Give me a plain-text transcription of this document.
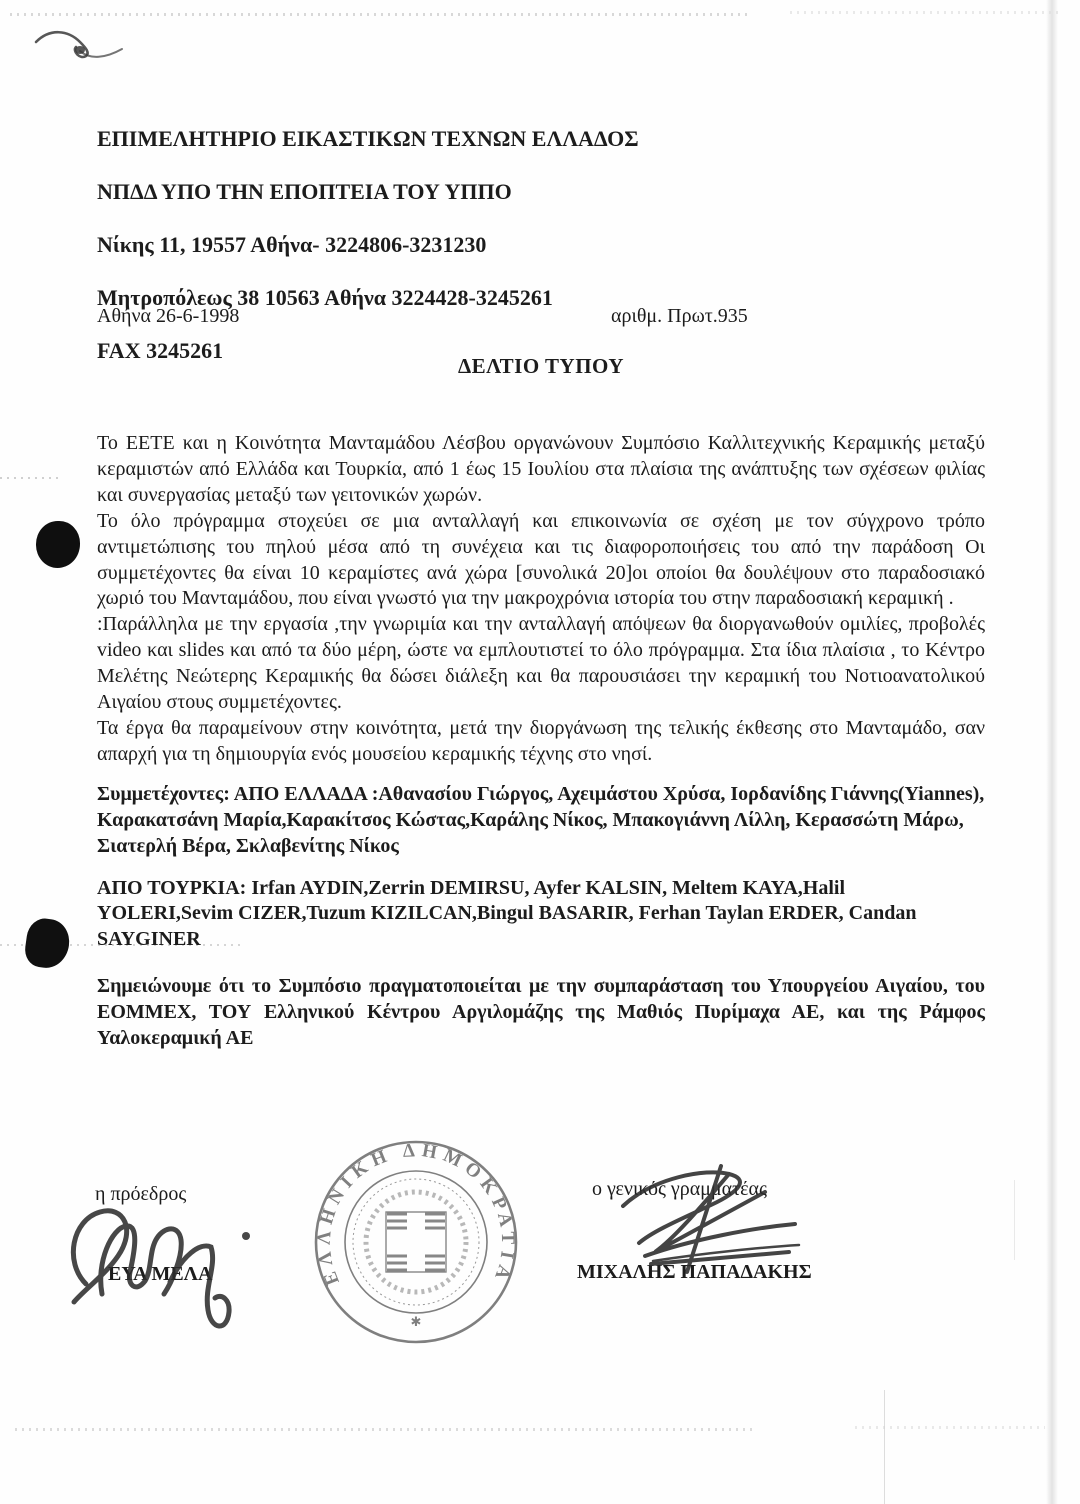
ΕΠΙΜΕΛΗΤΗΡΙΟ ΕΙΚΑΣΤΙΚΩΝ ΤΕΧΝΩΝ ΕΛΛΑΔΟΣ

ΝΠΔΔ ΥΠΟ ΤΗΝ ΕΠΟΠΤΕΙΑ ΤΟΥ ΥΠΠΟ

Νίκης 11, 19557 Αθήνα- 3224806-3231230

Μητροπόλεως 38 10563 Αθήνα 3224428-3245261

FAX 3245261

Αθήνα 26-6-1998	αριθμ. Πρωτ.935
ΔΕΛΤΙΟ ΤΥΠΟΥ

Το ΕΕΤΕ και η Κοινότητα Μανταμάδου Λέσβου οργανώνουν Συμπόσιο Καλλιτεχνικής Κεραμικής μεταξύ κεραμιστών από Ελλάδα και Τουρκία, από 1 έως 15 Ιουλίου στα πλαίσια της ανάπτυξης των σχέσεων φιλίας και συνεργασίας μεταξύ των γειτονικών χωρών.

Το όλο πρόγραμμα στοχεύει σε μια ανταλλαγή και επικοινωνία σε σχέση με τον σύγχρονο τρόπο αντιμετώπισης του πηλού μέσα από τη συνέχεια και τις διαφοροποιήσεις του από την παράδοση Οι συμμετέχοντες θα είναι 10 κεραμίστες ανά χώρα [συνολικά 20]οι οποίοι θα δουλέψουν στο παραδοσιακό χωριό του Μανταμάδου, που είναι γνωστό για την μακροχρόνια ιστορία του στην παραδοσιακή κεραμική .

:Παράλληλα με την εργασία ,την γνωριμία και την ανταλλαγή απόψεων θα διοργανωθούν ομιλίες, προβολές video και slides και από τα δύο μέρη, ώστε να εμπλουτιστεί το όλο πρόγραμμα. Στα ίδια πλαίσια , το Κέντρο Μελέτης Νεώτερης Κεραμικής θα δώσει διάλεξη και θα παρουσιάσει την κεραμική του Νοτιοανατολικού Αιγαίου στους συμμετέχοντες.

Τα έργα θα παραμείνουν στην κοινότητα, μετά την διοργάνωση της τελικής έκθεσης στο Μανταμάδο, σαν απαρχή για τη δημιουργία ενός μουσείου κεραμικής τέχνης στο νησί.

Συμμετέχοντες: ΑΠΟ ΕΛΛΑΔΑ :Αθανασίου Γιώργος, Αχειμάστου Χρύσα, Ιορδανίδης Γιάννης(Yiannes), Καρακατσάνη Μαρία,Καρακίτσος Κώστας,Καράλης Νίκος, Μπακογιάννη Λίλλη, Κερασσώτη Μάρω, Σιατερλή Βέρα, Σκλαβενίτης Νίκος

ΑΠΟ ΤΟΥΡΚΙΑ: Irfan AYDIN,Zerrin DEMIRSU, Ayfer KALSIN, Meltem KAYA,Halil YOLERI,Sevim CIZER,Tuzum KIZILCAN,Bingul BASARIR, Ferhan Taylan ERDER, Candan SAYGINER

Σημειώνουμε ότι το Συμπόσιο πραγματοποιείται με την συμπαράσταση του Υπουργείου Αιγαίου, του ΕΟΜΜΕΧ, ΤΟΥ Ελληνικού Κέντρου Αργιλομάζης της Μαθιός Πυρίμαχα ΑΕ, και της Ράμφος Υαλοκεραμική ΑΕ

η πρόεδρος
ΕΥΑ ΜΕΛΑ	ΕΛΛΗΝΙΚΗ ΔΗΜΟΚΡΑΤΙΑ
✱
ο γενικός γραμματέας
ΜΙΧΑΛΗΣ ΠΑΠΑΔΑΚΗΣ
